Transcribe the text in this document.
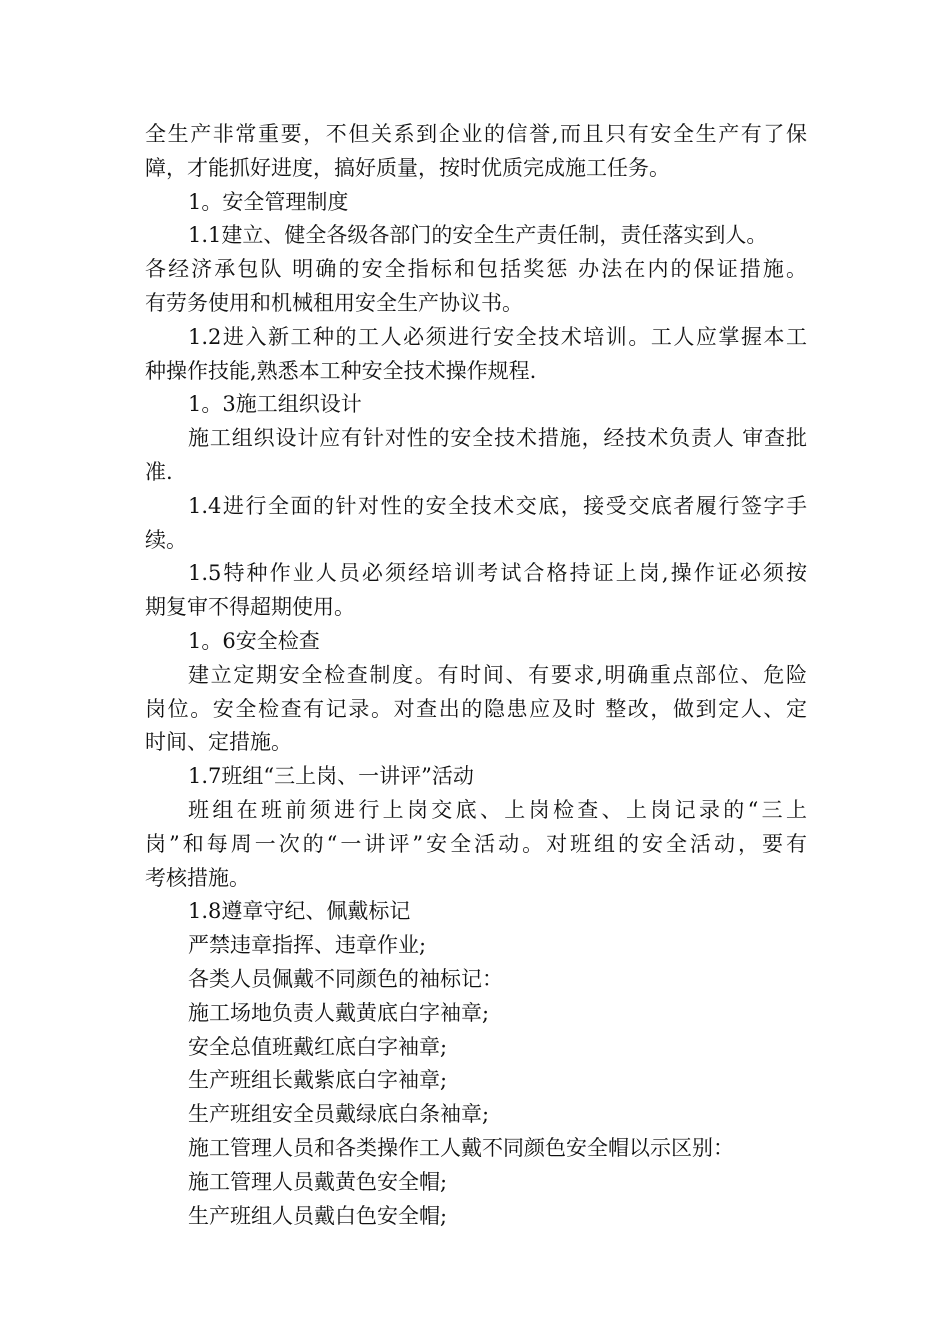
全生产非常重要，不但关系到企业的信誉,而且只有安全生产有了保
障，才能抓好进度，搞好质量，按时优质完成施工任务。
1。安全管理制度
1.1建立、健全各级各部门的安全生产责任制，责任落实到人。
各经济承包队 明确的安全指标和包括奖惩 办法在内的保证措施。
有劳务使用和机械租用安全生产协议书。
1.2进入新工种的工人必须进行安全技术培训。工人应掌握本工
种操作技能,熟悉本工种安全技术操作规程.
1。3施工组织设计
施工组织设计应有针对性的安全技术措施，经技术负责人 审查批
准.
1.4进行全面的针对性的安全技术交底，接受交底者履行签字手
续。
1.5特种作业人员必须经培训考试合格持证上岗,操作证必须按
期复审不得超期使用。
1。6安全检查
建立定期安全检查制度。有时间、有要求,明确重点部位、危险
岗位。安全检查有记录。对查出的隐患应及时 整改，做到定人、定
时间、定措施。
1.7班组“三上岗、一讲评”活动
班组在班前须进行上岗交底、上岗检查、上岗记录的“三上
岗”和每周一次的“一讲评”安全活动。对班组的安全活动，要有
考核措施。
1.8遵章守纪、佩戴标记
严禁违章指挥、违章作业;
各类人员佩戴不同颜色的袖标记：
施工场地负责人戴黄底白字袖章;
安全总值班戴红底白字袖章;
生产班组长戴紫底白字袖章;
生产班组安全员戴绿底白条袖章;
施工管理人员和各类操作工人戴不同颜色安全帽以示区别：
施工管理人员戴黄色安全帽;
生产班组人员戴白色安全帽;
